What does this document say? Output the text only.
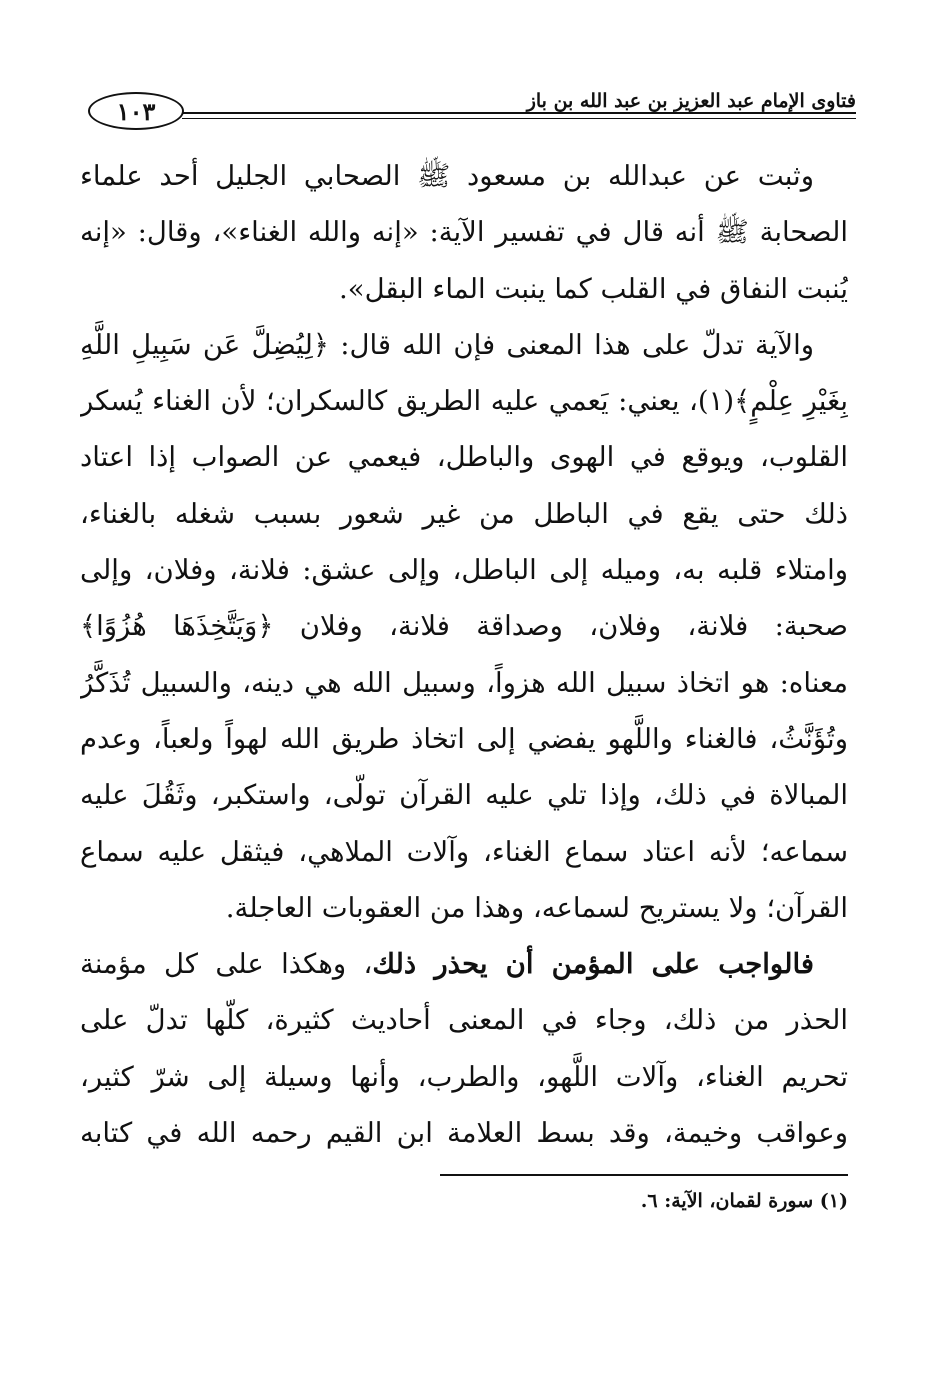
١٠٣	فتاوى الإمام عبد العزيز بن عبد الله بن باز
وثبت عن عبدالله بن مسعود ﷺ الصحابي الجليل أحد علماء
الصحابة ﷺ أنه قال في تفسير الآية: «إنه والله الغناء»، وقال: «إنه
يُنبت النفاق في القلب كما ينبت الماء البقل».
والآية تدلّ على هذا المعنى فإن الله قال: ﴿لِيُضِلَّ عَن سَبِيلِ اللَّهِ
بِغَيْرِ عِلْمٍ﴾(١)، يعني: يَعمي عليه الطريق كالسكران؛ لأن الغناء يُسكر
القلوب، ويوقع في الهوى والباطل، فيعمي عن الصواب إذا اعتاد
ذلك حتى يقع في الباطل من غير شعور بسبب شغله بالغناء،
وامتلاء قلبه به، وميله إلى الباطل، وإلى عشق: فلانة، وفلان، وإلى
صحبة: فلانة، وفلان، وصداقة فلانة، وفلان ﴿وَيَتَّخِذَهَا هُزُوًا﴾
معناه: هو اتخاذ سبيل الله هزواً، وسبيل الله هي دينه، والسبيل تُذَكَّرُ
وتُؤَنَّثُ، فالغناء واللَّهو يفضي إلى اتخاذ طريق الله لهواً ولعباً، وعدم
المبالاة في ذلك، وإذا تلي عليه القرآن تولّى، واستكبر، وثَقُلَ عليه
سماعه؛ لأنه اعتاد سماع الغناء، وآلات الملاهي، فيثقل عليه سماع
القرآن؛ ولا يستريح لسماعه، وهذا من العقوبات العاجلة.
فالواجب على المؤمن أن يحذر ذلك، وهكذا على كل مؤمنة
الحذر من ذلك، وجاء في المعنى أحاديث كثيرة، كلّها تدلّ على
تحريم الغناء، وآلات اللَّهو، والطرب، وأنها وسيلة إلى شرّ كثير،
وعواقب وخيمة، وقد بسط العلامة ابن القيم رحمه الله في كتابه
(١) سورة لقمان، الآية: ٦.
